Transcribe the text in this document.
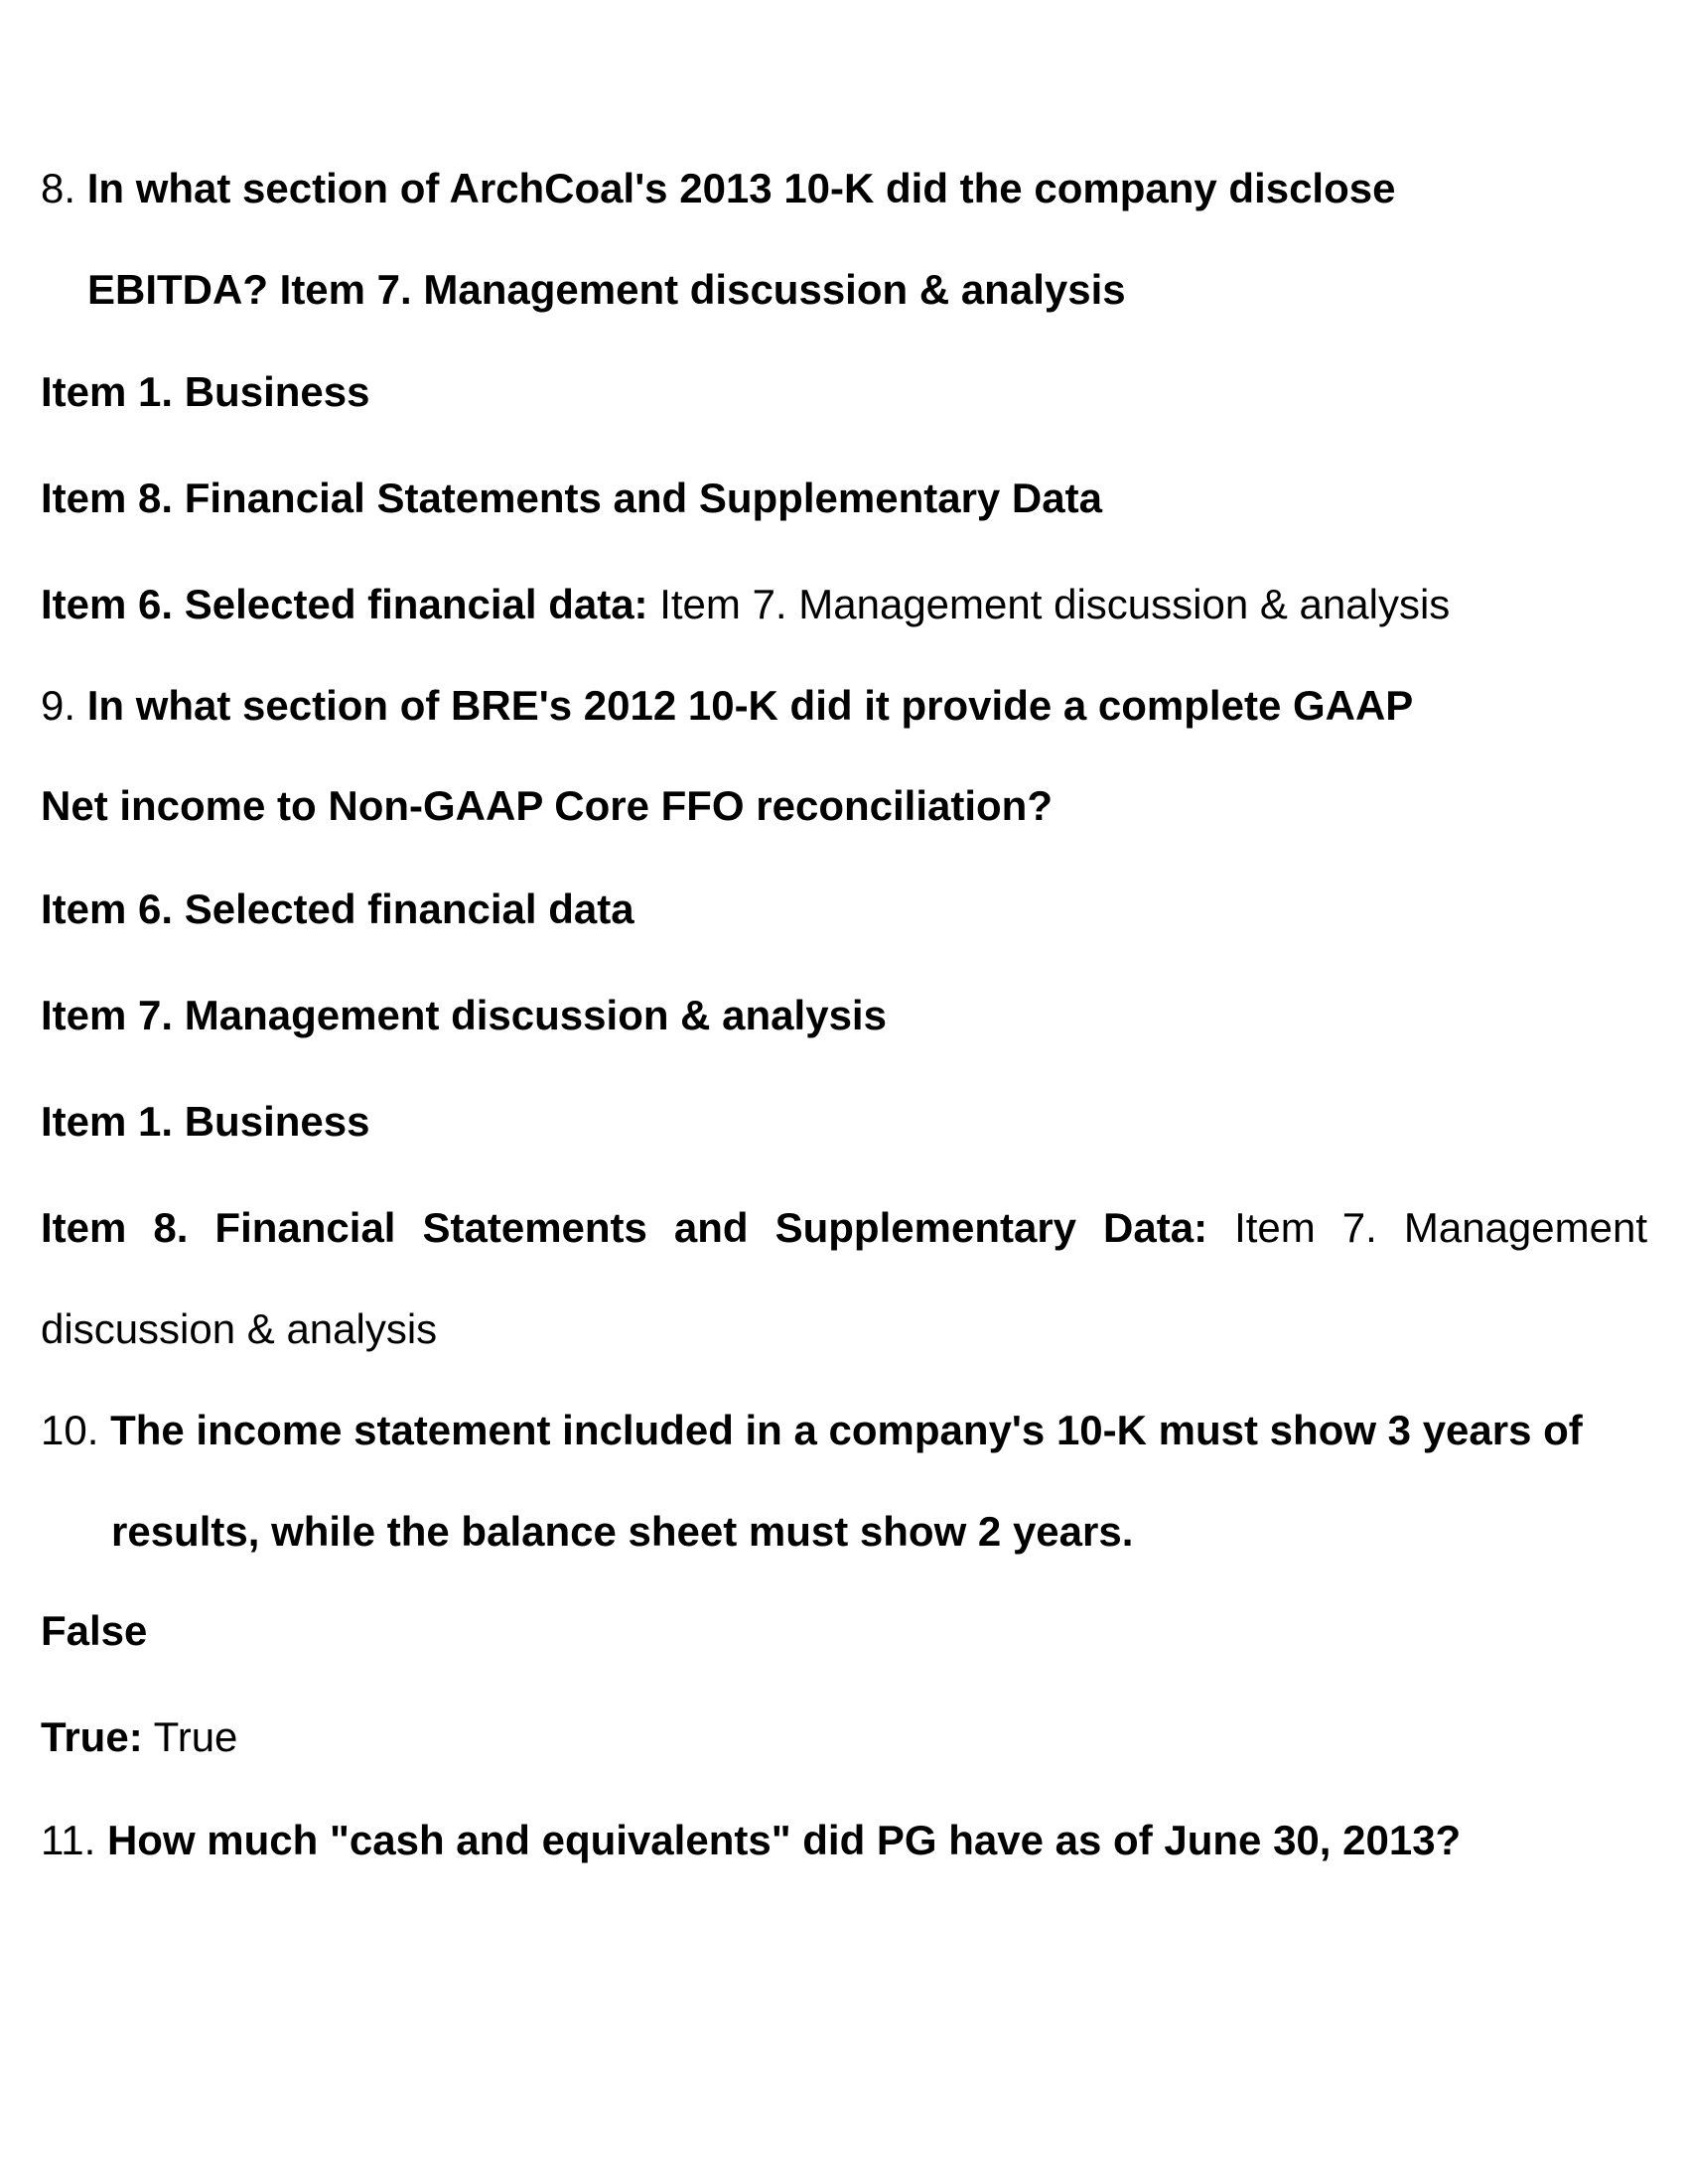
8. In what section of ArchCoal's 2013 10-K did the company disclose
EBITDA? Item 7. Management discussion & analysis
Item 1. Business
Item 8. Financial Statements and Supplementary Data
Item 6. Selected financial data: Item 7. Management discussion & analysis
9. In what section of BRE's 2012 10-K did it provide a complete GAAP
Net income to Non-GAAP Core FFO reconciliation?
Item 6. Selected financial data
Item 7. Management discussion & analysis
Item 1. Business
Item 8. Financial Statements and Supplementary Data: Item 7. Management
discussion & analysis
10. The income statement included in a company's 10-K must show 3 years of
results, while the balance sheet must show 2 years.
False
True: True
11. How much "cash and equivalents" did PG have as of June 30, 2013?
